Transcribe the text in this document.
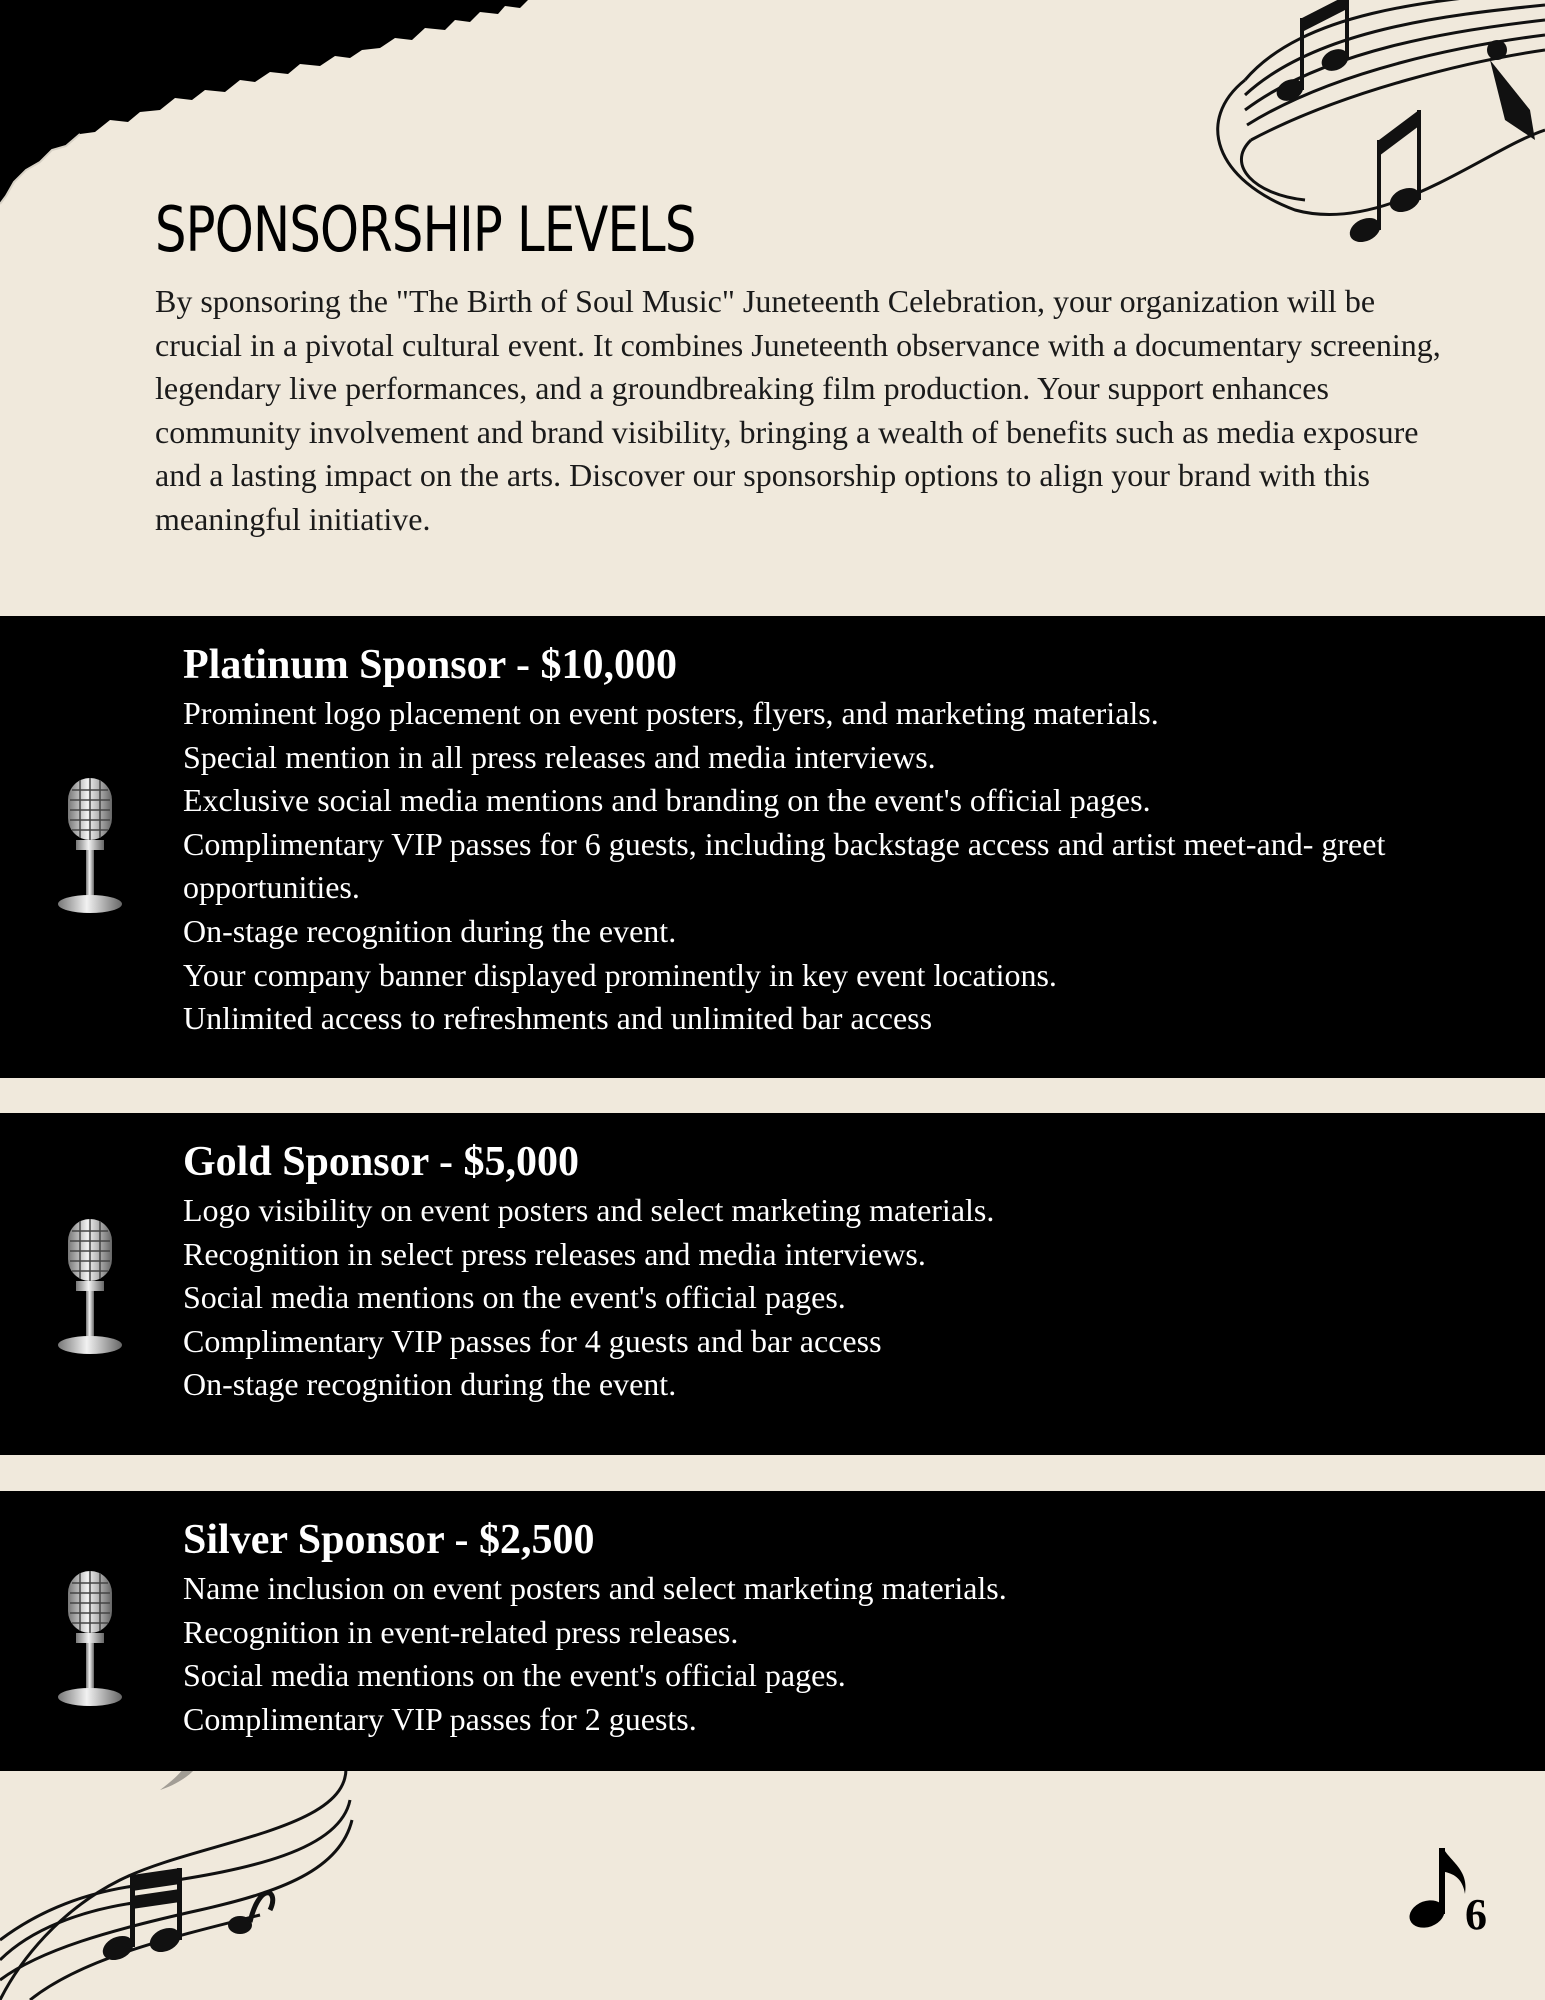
SPONSORSHIP LEVELS

By sponsoring the "The Birth of Soul Music" Juneteenth Celebration, your organization will be crucial in a pivotal cultural event. It combines Juneteenth observance with a documentary screening, legendary live performances, and a groundbreaking film production. Your support enhances community involvement and brand visibility, bringing a wealth of benefits such as media exposure and a lasting impact on the arts. Discover our sponsorship options to align your brand with this meaningful initiative.

Platinum Sponsor - $10,000
Prominent logo placement on event posters, flyers, and marketing materials.
Special mention in all press releases and media interviews.
Exclusive social media mentions and branding on the event's official pages.
Complimentary VIP passes for 6 guests, including backstage access and artist meet-and- greet opportunities.
On-stage recognition during the event.
Your company banner displayed prominently in key event locations.
Unlimited access to refreshments and unlimited bar access
Gold Sponsor - $5,000
Logo visibility on event posters and select marketing materials.
Recognition in select press releases and media interviews.
Social media mentions on the event's official pages.
Complimentary VIP passes for 4 guests and bar access
On-stage recognition during the event.
Silver Sponsor - $2,500
Name inclusion on event posters and select marketing materials.
Recognition in event-related press releases.
Social media mentions on the event's official pages.
Complimentary VIP passes for 2 guests.
6
